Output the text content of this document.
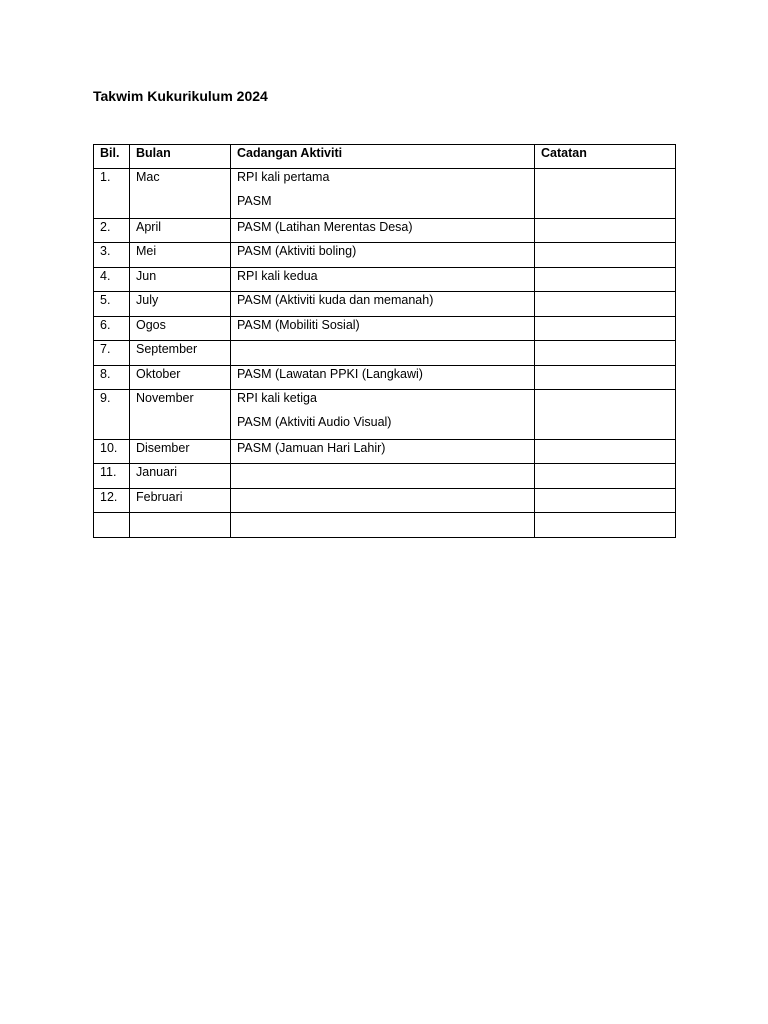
Takwim Kukurikulum 2024
Bil.	Bulan	Cadangan Aktiviti	Catatan
1.	Mac	RPI kali pertama
PASM	

2.	April	PASM (Latihan Merentas Desa)	

3.	Mei	PASM (Aktiviti boling)	

4.	Jun	RPI kali kedua	

5.	July	PASM (Aktiviti kuda dan memanah)	

6.	Ogos	PASM (Mobiliti Sosial)	

7.	September		
8.	Oktober	PASM (Lawatan PPKI (Langkawi)	

9.	November	RPI kali ketiga
PASM (Aktiviti Audio Visual)	

10.	Disember	PASM (Jamuan Hari Lahir)	

11.	Januari		
12.	Februari		
